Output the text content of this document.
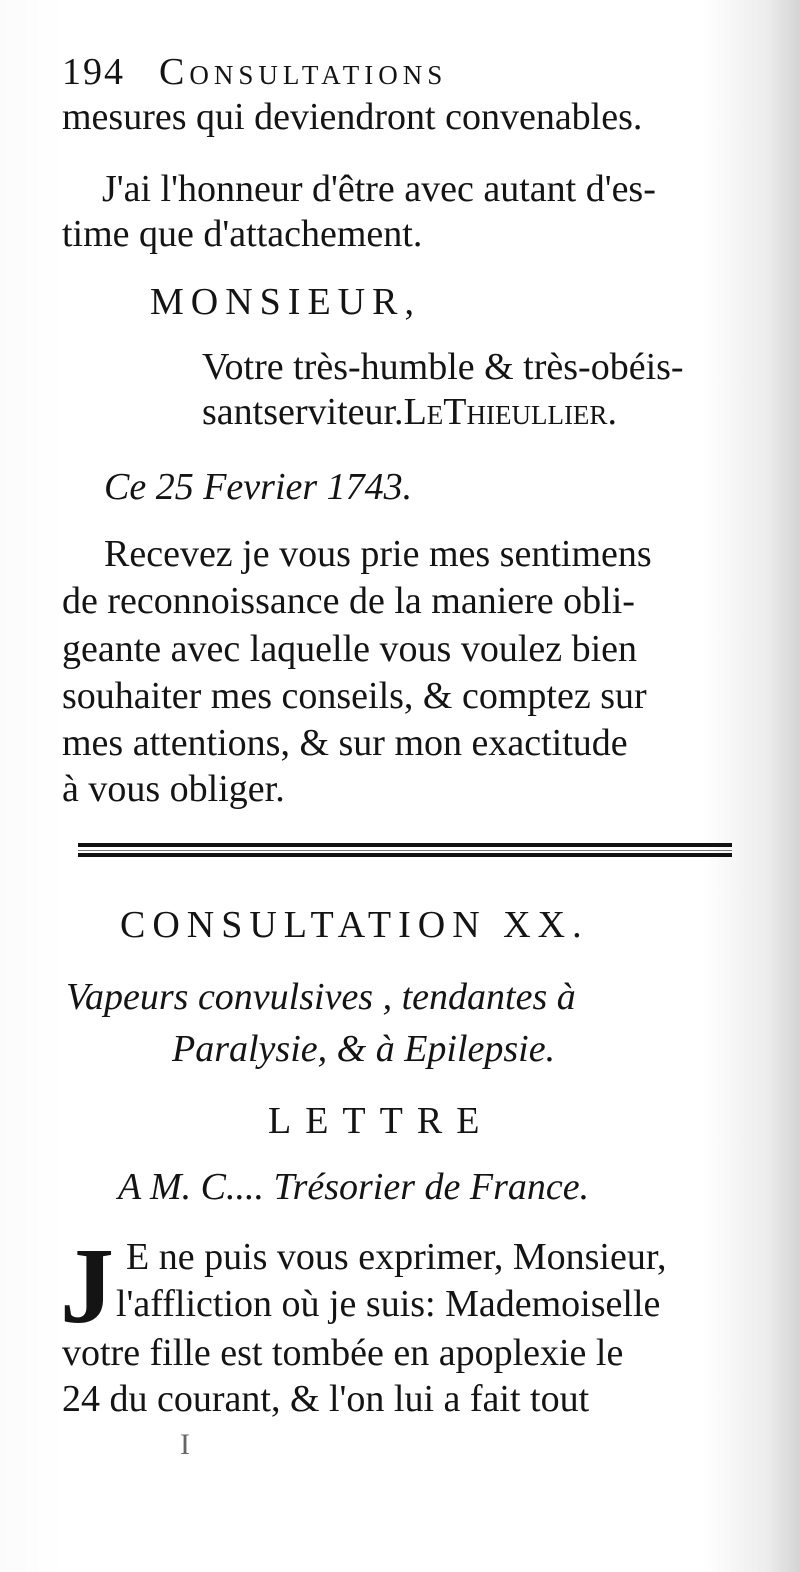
194 Consultations
mesures qui deviendront convenables.
J'ai l'honneur d'être avec autant d'es-
time que d'attachement.
MONSIEUR,
Votre très-humble & très-obéis-
santserviteur.LeThieullier.
Ce 25 Fevrier 1743.
Recevez je vous prie mes sentimens
de reconnoissance de la maniere obli-
geante avec laquelle vous voulez bien
souhaiter mes conseils, & comptez sur
mes attentions, & sur mon exactitude
à vous obliger.
CONSULTATION XX.
Vapeurs convulsives , tendantes à
Paralysie, & à Epilepsie.
LETTRE
A M. C.... Trésorier de France.
J E ne puis vous exprimer, Monsieur,
l'affliction où je suis: Mademoiselle
votre fille est tombée en apoplexie le
24 du courant, & l'on lui a fait tout
I
